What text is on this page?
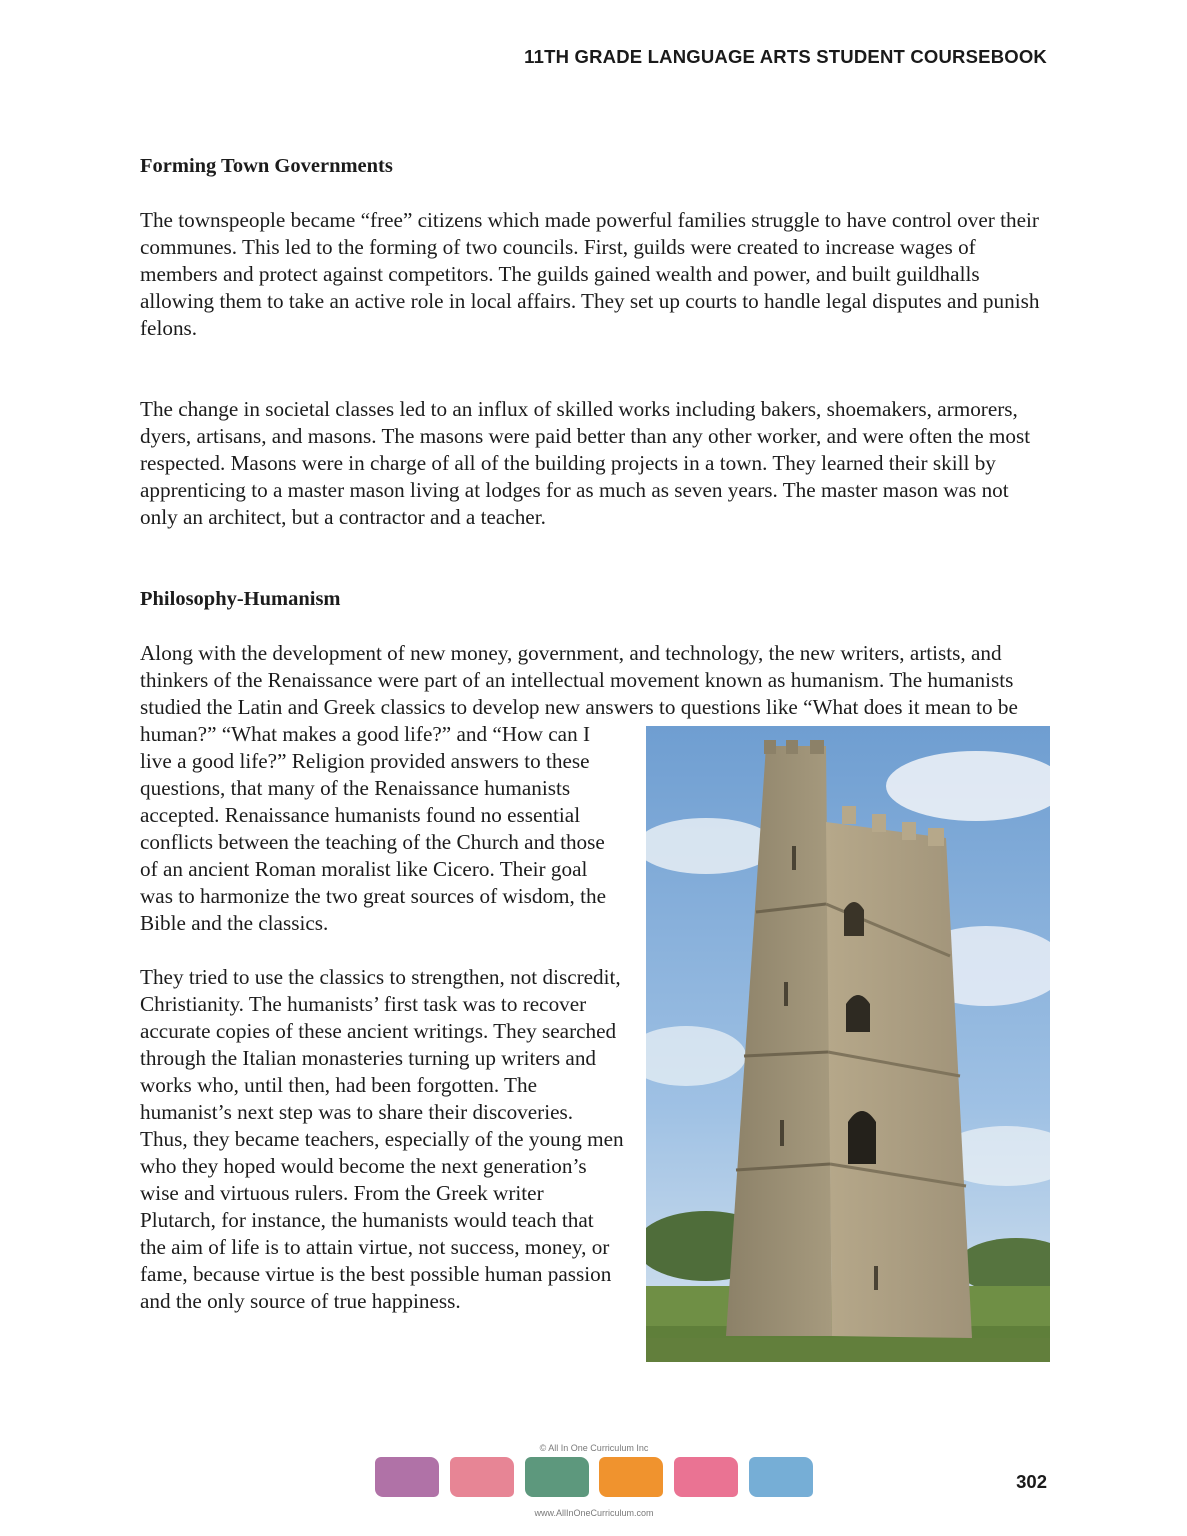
11TH GRADE LANGUAGE ARTS STUDENT COURSEBOOK
Forming Town Governments

The townspeople became “free” citizens which made powerful families struggle to have control over their communes. This led to the forming of two councils. First, guilds were created to increase wages of members and protect against competitors. The guilds gained wealth and power, and built guildhalls allowing them to take an active role in local affairs. They set up courts to handle legal disputes and punish felons.

The change in societal classes led to an influx of skilled works including bakers, shoemakers, armorers, dyers, artisans, and masons. The masons were paid better than any other worker, and were often the most respected. Masons were in charge of all of the building projects in a town. They learned their skill by apprenticing to a master mason living at lodges for as much as seven years. The master mason was not only an architect, but a contractor and a teacher.

Philosophy-Humanism

Along with the development of new money, government, and technology, the new writers, artists, and thinkers of the Renaissance were part of an intellectual movement known as humanism. The humanists studied the Latin and Greek classics to develop new answers to questions like “What does it mean to be human?” “What makes a good life?” and “How can I live a good life?” Religion provided answers to these questions, that many of the Renaissance humanists accepted. Renaissance humanists found no essential conflicts between the teaching of the Church and those of an ancient Roman moralist like Cicero. Their goal was to harmonize the two great sources of wisdom, the Bible and the classics.

They tried to use the classics to strengthen, not discredit, Christianity. The humanists’ first task was to recover accurate copies of these ancient writings. They searched through the Italian monasteries turning up writers and works who, until then, had been forgotten. The humanist’s next step was to share their discoveries. Thus, they became teachers, especially of the young men who they hoped would become the next generation’s wise and virtuous rulers. From the Greek writer Plutarch, for instance, the humanists would teach that the aim of life is to attain virtue, not success, money, or fame, because virtue is the best possible human passion and the only source of true happiness.

© All In One Curriculum Inc
www.AllInOneCurriculum.com
302
